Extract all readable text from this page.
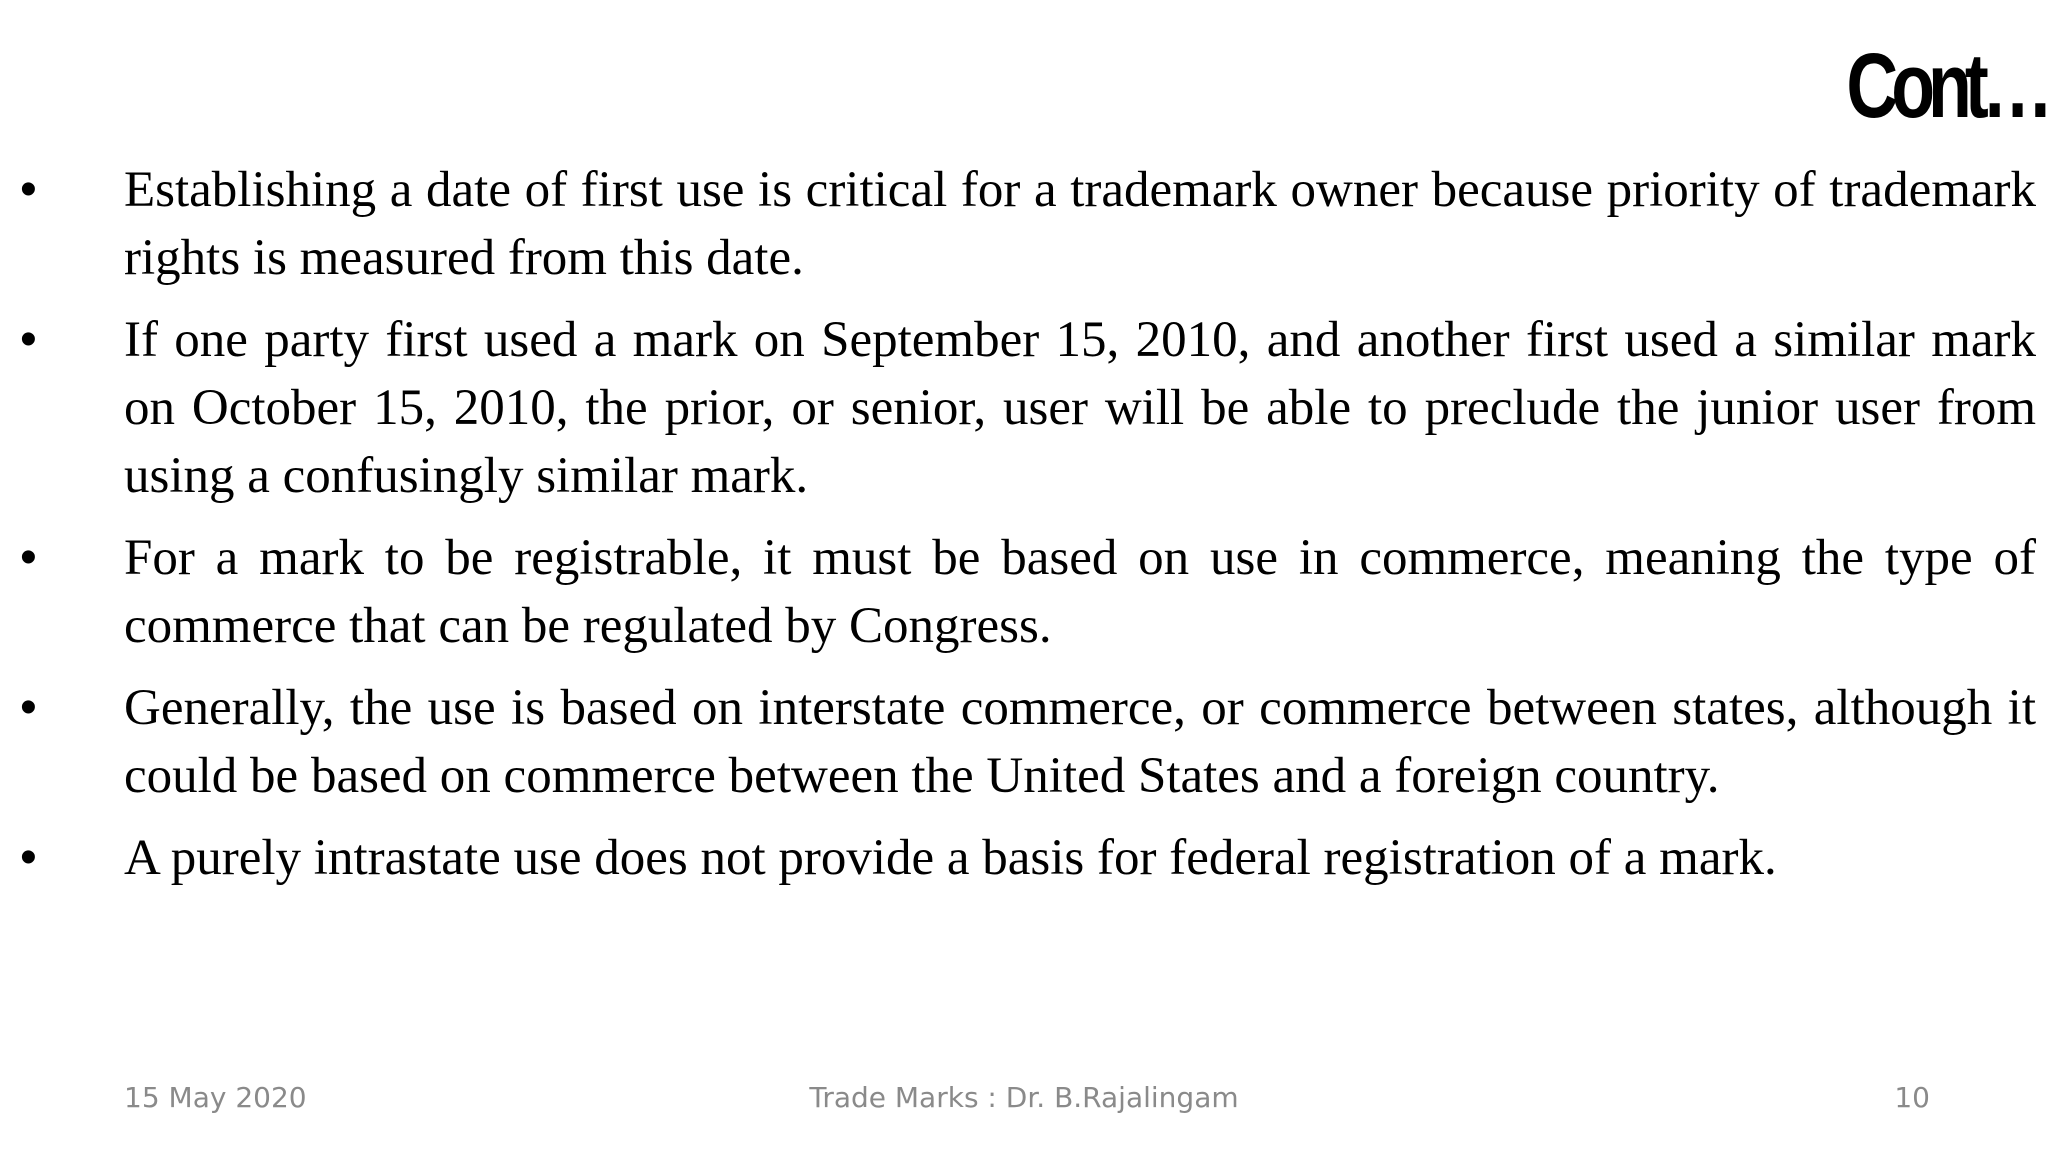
Cont…
• Establishing a date of first use is critical for a trademark owner because priority of trademark rights is measured from this date.
• If one party first used a mark on September 15, 2010, and another first used a similar mark on October 15, 2010, the prior, or senior, user will be able to preclude the junior user from using a confusingly similar mark.
• For a mark to be registrable, it must be based on use in commerce, meaning the type of commerce that can be regulated by Congress.
• Generally, the use is based on interstate commerce, or commerce between states, although it could be based on commerce between the United States and a foreign country.
• A purely intrastate use does not provide a basis for federal registration of a mark.
15 May 2020	Trade Marks : Dr. B.Rajalingam	10
